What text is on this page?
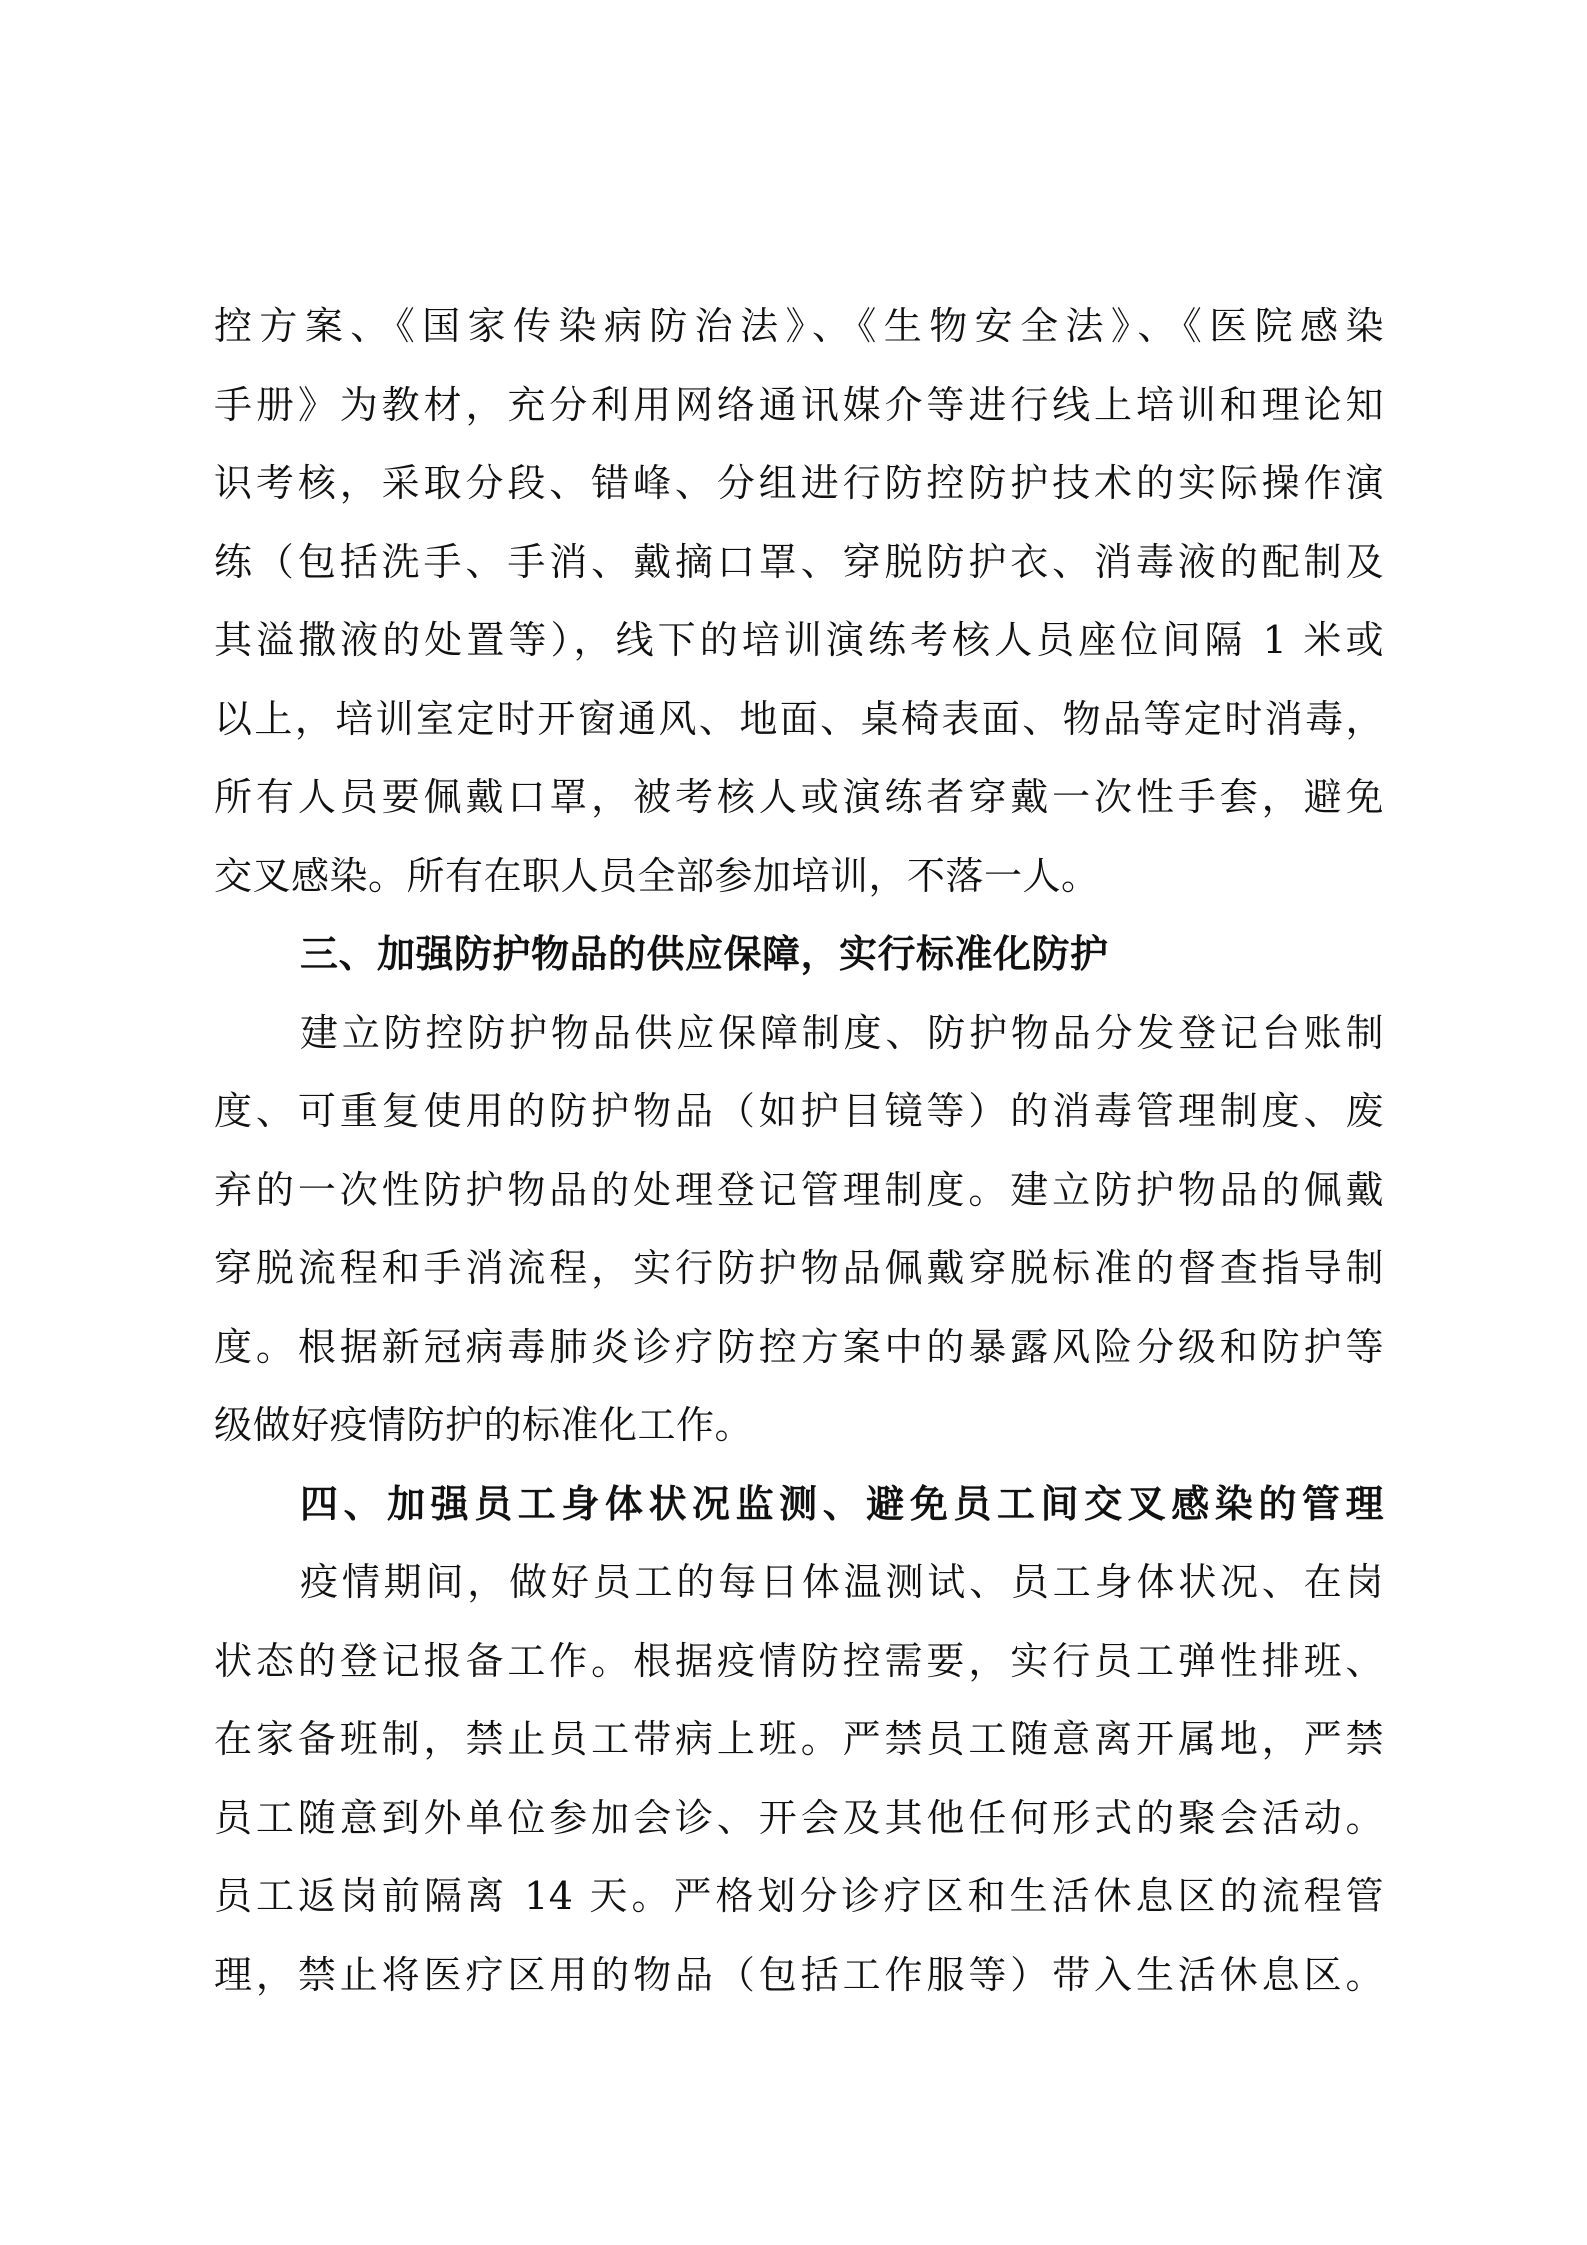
控方案、《国家传染病防治法》、《生物安全法》、《医院感染
手册》为教材，充分利用网络通讯媒介等进行线上培训和理论知
识考核，采取分段、错峰、分组进行防控防护技术的实际操作演
练（包括洗手、手消、戴摘口罩、穿脱防护衣、消毒液的配制及
其溢撒液的处置等），线下的培训演练考核人员座位间隔 1 米或
以上，培训室定时开窗通风、地面、桌椅表面、物品等定时消毒，
所有人员要佩戴口罩，被考核人或演练者穿戴一次性手套，避免
交叉感染。所有在职人员全部参加培训，不落一人。
三、加强防护物品的供应保障，实行标准化防护
建立防控防护物品供应保障制度、防护物品分发登记台账制
度、可重复使用的防护物品（如护目镜等）的消毒管理制度、废
弃的一次性防护物品的处理登记管理制度。建立防护物品的佩戴
穿脱流程和手消流程，实行防护物品佩戴穿脱标准的督查指导制
度。根据新冠病毒肺炎诊疗防控方案中的暴露风险分级和防护等
级做好疫情防护的标准化工作。
四、加强员工身体状况监测、避免员工间交叉感染的管理
疫情期间，做好员工的每日体温测试、员工身体状况、在岗
状态的登记报备工作。根据疫情防控需要，实行员工弹性排班、
在家备班制，禁止员工带病上班。严禁员工随意离开属地，严禁
员工随意到外单位参加会诊、开会及其他任何形式的聚会活动。
员工返岗前隔离 14 天。严格划分诊疗区和生活休息区的流程管
理，禁止将医疗区用的物品（包括工作服等）带入生活休息区。
